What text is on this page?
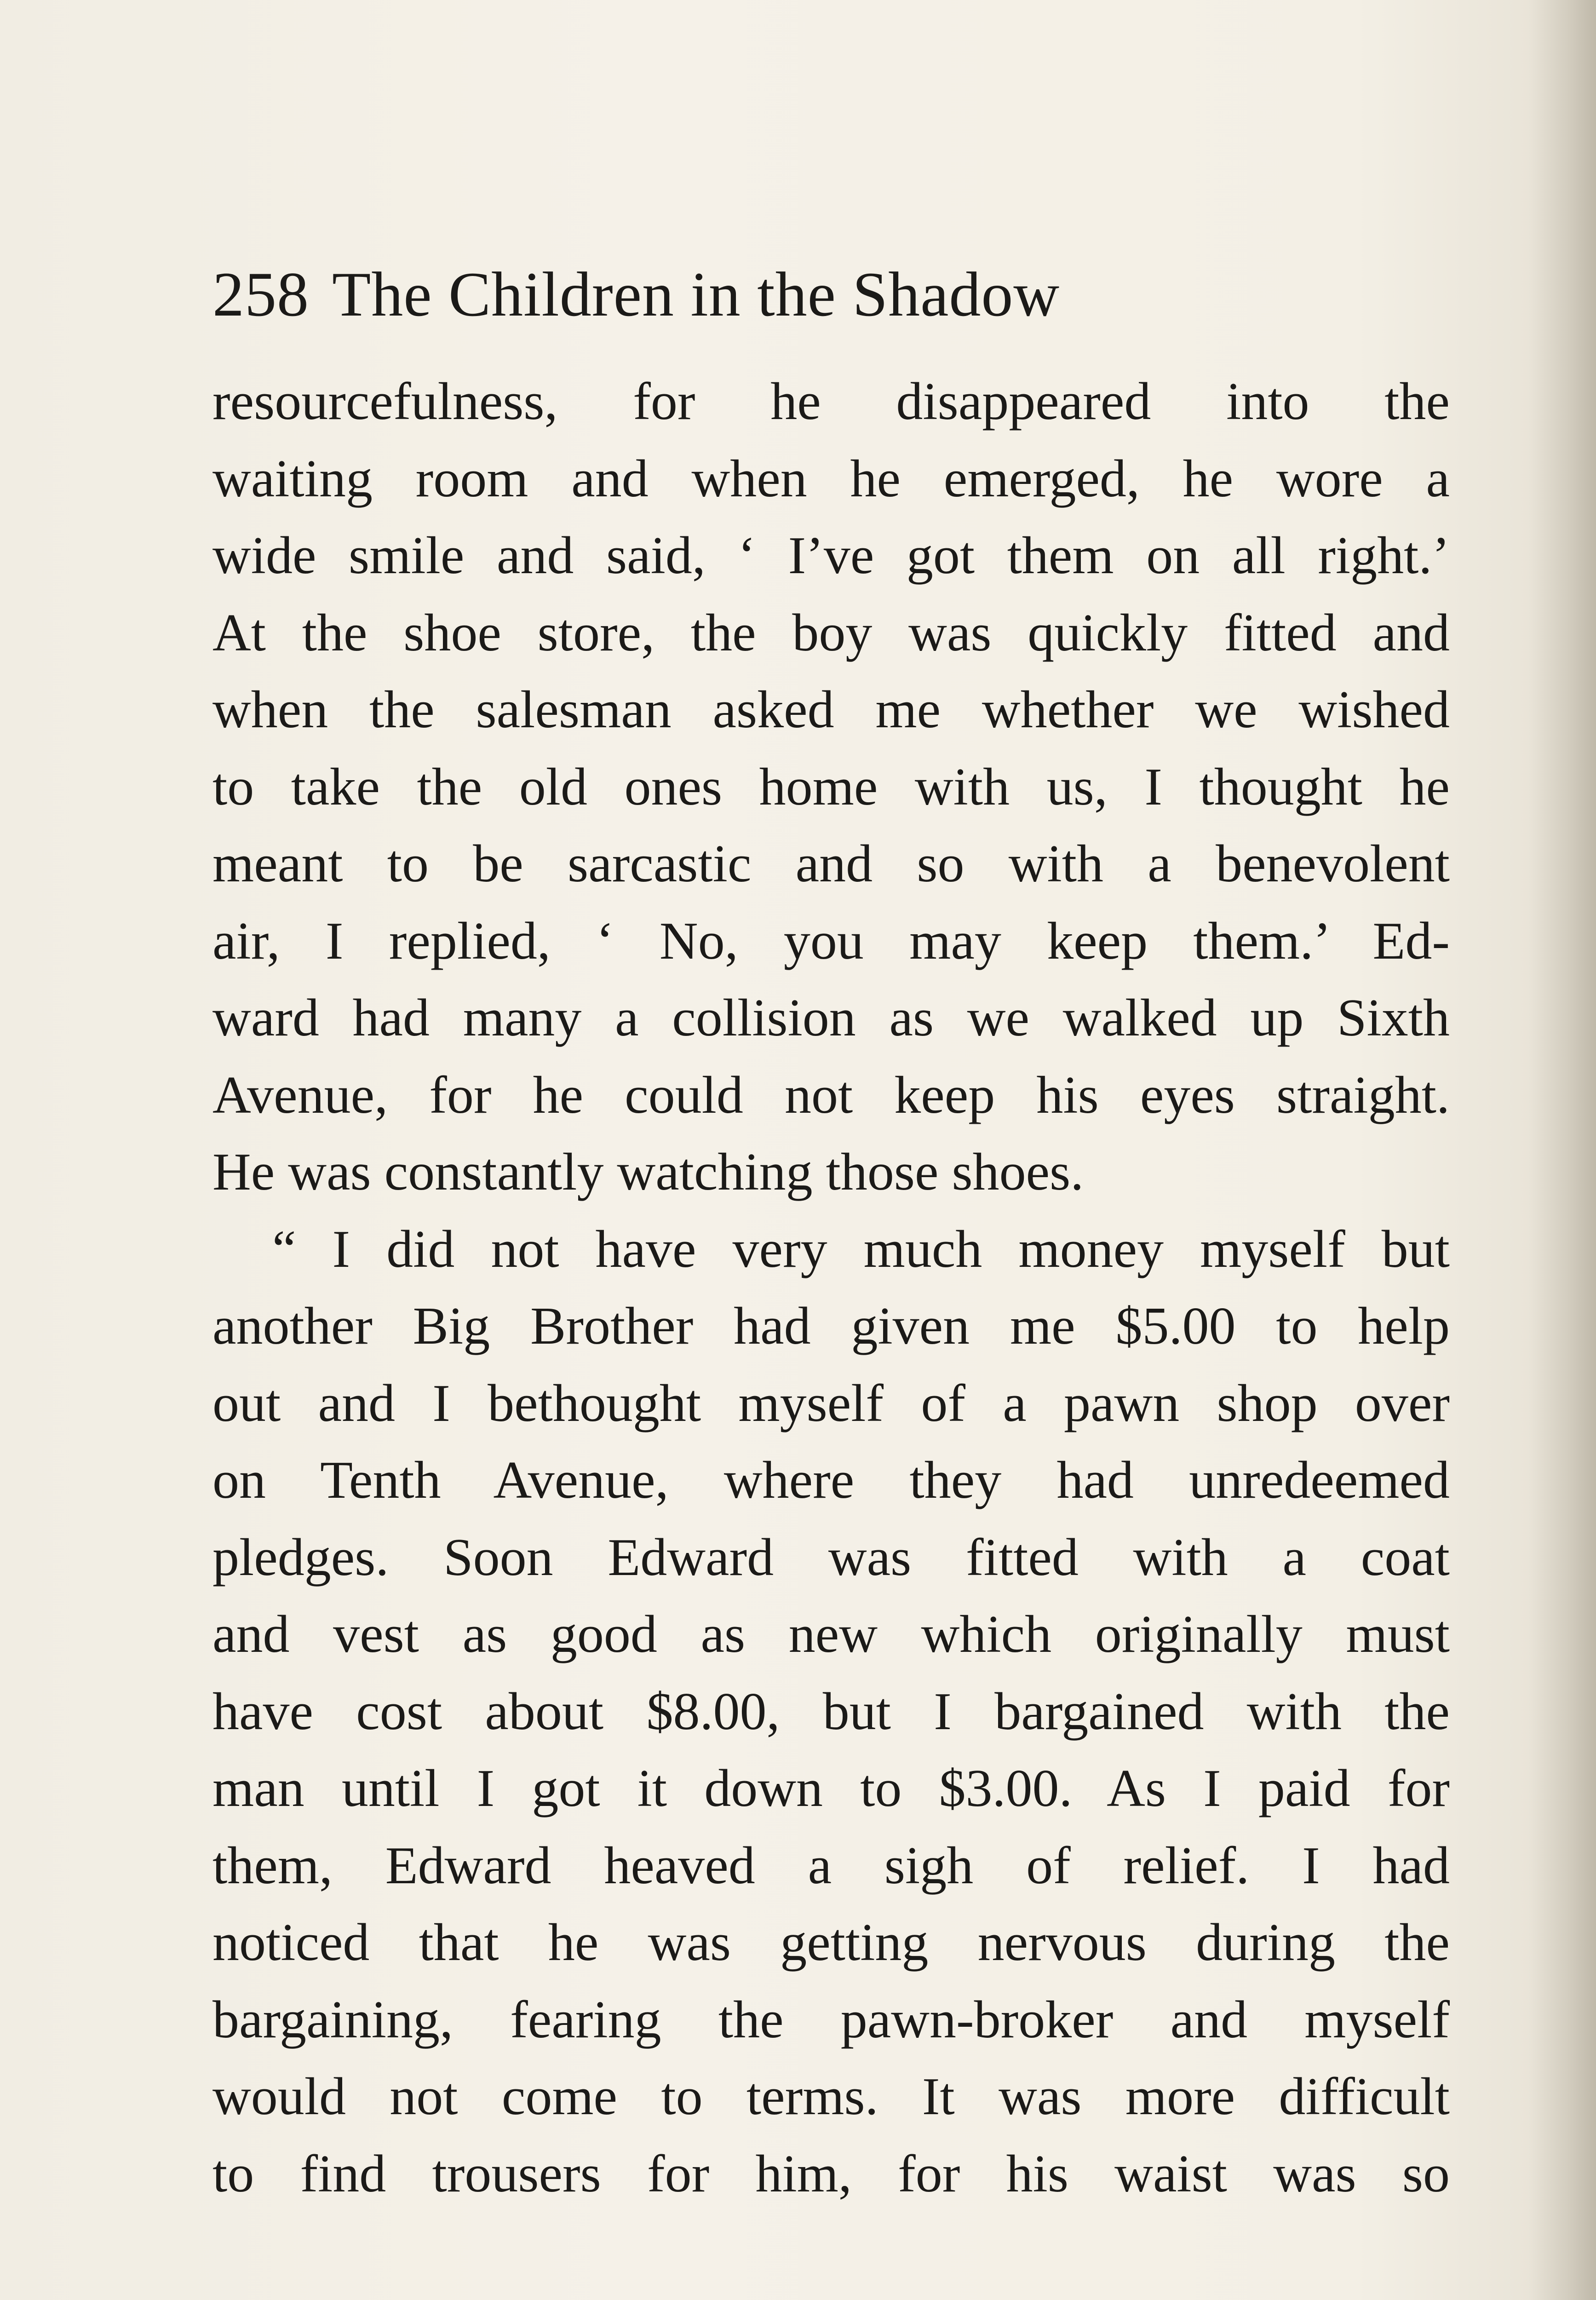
258 The Children in the Shadow
resourcefulness, for he disappeared into the
waiting room and when he emerged, he wore a
wide smile and said, ‘ I’ve got them on all right.’
At the shoe store, the boy was quickly fitted and
when the salesman asked me whether we wished
to take the old ones home with us, I thought he
meant to be sarcastic and so with a benevolent
air, I replied, ‘ No, you may keep them.’ Ed-
ward had many a collision as we walked up Sixth
Avenue, for he could not keep his eyes straight.
He was constantly watching those shoes.
“ I did not have very much money myself but
another Big Brother had given me $5.00 to help
out and I bethought myself of a pawn shop over
on Tenth Avenue, where they had unredeemed
pledges. Soon Edward was fitted with a coat
and vest as good as new which originally must
have cost about $8.00, but I bargained with the
man until I got it down to $3.00. As I paid for
them, Edward heaved a sigh of relief. I had
noticed that he was getting nervous during the
bargaining, fearing the pawn-broker and myself
would not come to terms. It was more difficult
to find trousers for him, for his waist was so
